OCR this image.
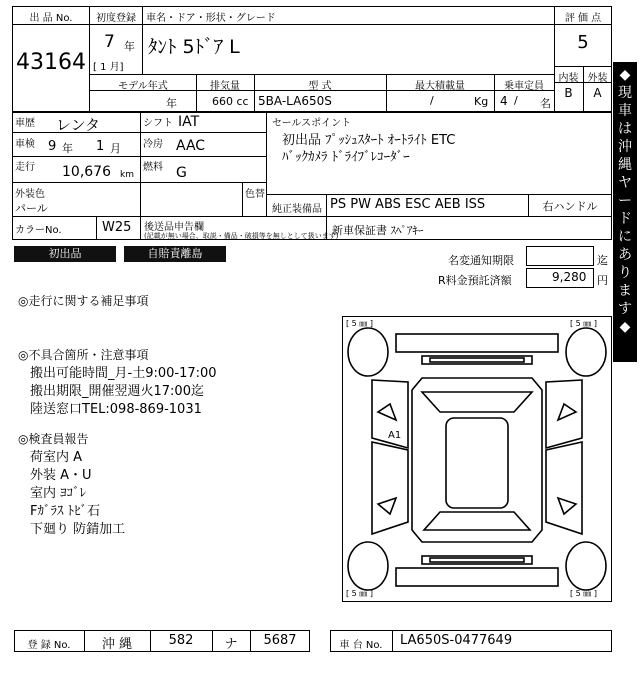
出 品 No.
43164
初度登録
7 年
[ 1 月]
車名・ドア・形状・グレード
ﾀﾝﾄ 5ﾄﾞｱ L
評 価 点
5
内装 外装
B	A
モデル年式	排気量	型 式	最大積載量	乗車定員
年	660 cc 5BA-LA650S	/	Kg 4 / 名
車歴 レンタ
車検 9 年 1 月
走行 10,676 km
シフト IAT
冷房 AAC
燃料 G
外装色
パール
色替
セールスポイント
初出品 ﾌﾟｯｼｭｽﾀｰﾄ ｵｰﾄﾗｲﾄ ETC
ﾊﾞｯｸｶﾒﾗ ﾄﾞﾗｲﾌﾞﾚｺｰﾀﾞｰ
純正装備品 PS PW ABS ESC AEB ISS	右ハンドル
新車保証書 ｽﾍﾟｱｷｰ
カラーNo.	W25 後送品申告欄
(記載が無い場合、取説・備品・破損等を無しとして扱います)
初出品	自賠責離島
名変通知期限	迄
R料金預託済額	9,280 円
◆
現
車
は
沖
縄
ヤ
ー
ド
に
あ
り
ま
す
◆
◎走行に関する補足事項
◎不具合箇所・注意事項
搬出可能時間_月-土9:00-17:00
搬出期限_開催翌週火17:00迄
陸送窓口TEL:098-869-1031
◎検査員報告
荷室内 A
外装 A・U
室内 ﾖｺﾞﾚ
Fｶﾞﾗｽ ﾄﾋﾞ石
下廻り 防錆加工
[ 5 ㎜ ]	[ 5 ㎜ ]
[ 5 ㎜ ]	[ 5 ㎜ ]
A1
登 録 No.	沖 縄	582	ナ	5687	車 台 No.	LA650S-0477649
